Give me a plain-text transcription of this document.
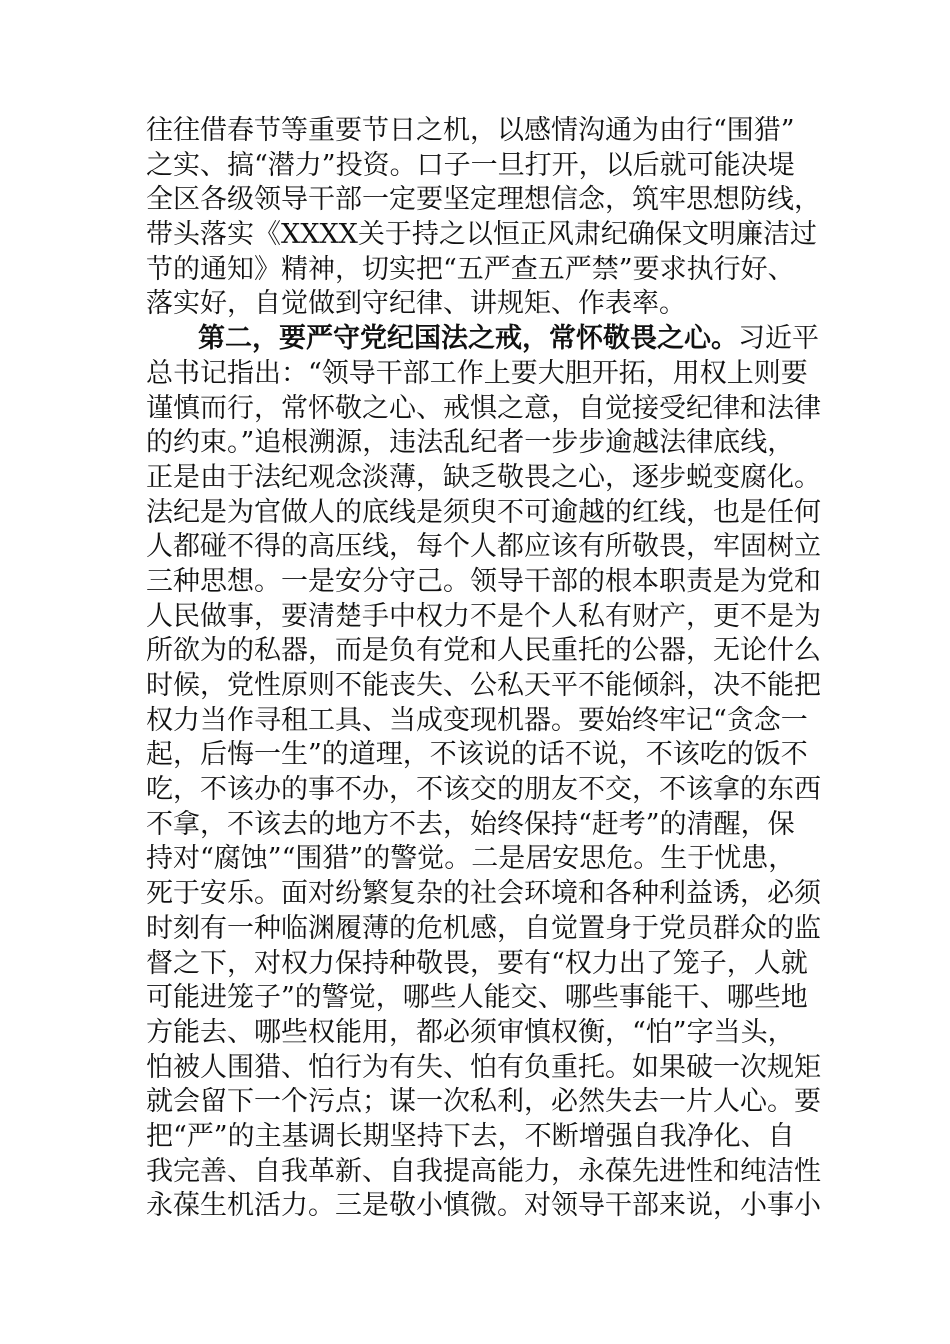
往往借春节等重要节日之机，以感情沟通为由行“围猎”
之实、搞“潜力”投资。口子一旦打开，以后就可能决堤
全区各级领导干部一定要坚定理想信念，筑牢思想防线，
带头落实《XXXX关于持之以恒正风肃纪确保文明廉洁过
节的通知》精神，切实把“五严查五严禁”要求执行好、
落实好，自觉做到守纪律、讲规矩、作表率。
第二，要严守党纪国法之戒，常怀敬畏之心。习近平
总书记指出：“领导干部工作上要大胆开拓，用权上则要
谨慎而行，常怀敬之心、戒惧之意，自觉接受纪律和法律
的约束。”追根溯源，违法乱纪者一步步逾越法律底线，
正是由于法纪观念淡薄，缺乏敬畏之心，逐步蜕变腐化。
法纪是为官做人的底线是须臾不可逾越的红线，也是任何
人都碰不得的高压线，每个人都应该有所敬畏，牢固树立
三种思想。一是安分守己。领导干部的根本职责是为党和
人民做事，要清楚手中权力不是个人私有财产，更不是为
所欲为的私器，而是负有党和人民重托的公器，无论什么
时候，党性原则不能丧失、公私天平不能倾斜，决不能把
权力当作寻租工具、当成变现机器。要始终牢记“贪念一
起，后悔一生”的道理，不该说的话不说，不该吃的饭不
吃，不该办的事不办，不该交的朋友不交，不该拿的东西
不拿，不该去的地方不去，始终保持“赶考”的清醒，保
持对“腐蚀”“围猎”的警觉。二是居安思危。生于忧患，
死于安乐。面对纷繁复杂的社会环境和各种利益诱，必须
时刻有一种临渊履薄的危机感，自觉置身于党员群众的监
督之下，对权力保持种敬畏，要有“权力出了笼子，人就
可能进笼子”的警觉，哪些人能交、哪些事能干、哪些地
方能去、哪些权能用，都必须审慎权衡，“怕”字当头，
怕被人围猎、怕行为有失、怕有负重托。如果破一次规矩
就会留下一个污点；谋一次私利，必然失去一片人心。要
把“严”的主基调长期坚持下去，不断增强自我净化、自
我完善、自我革新、自我提高能力，永葆先进性和纯洁性
永葆生机活力。三是敬小慎微。对领导干部来说，小事小
